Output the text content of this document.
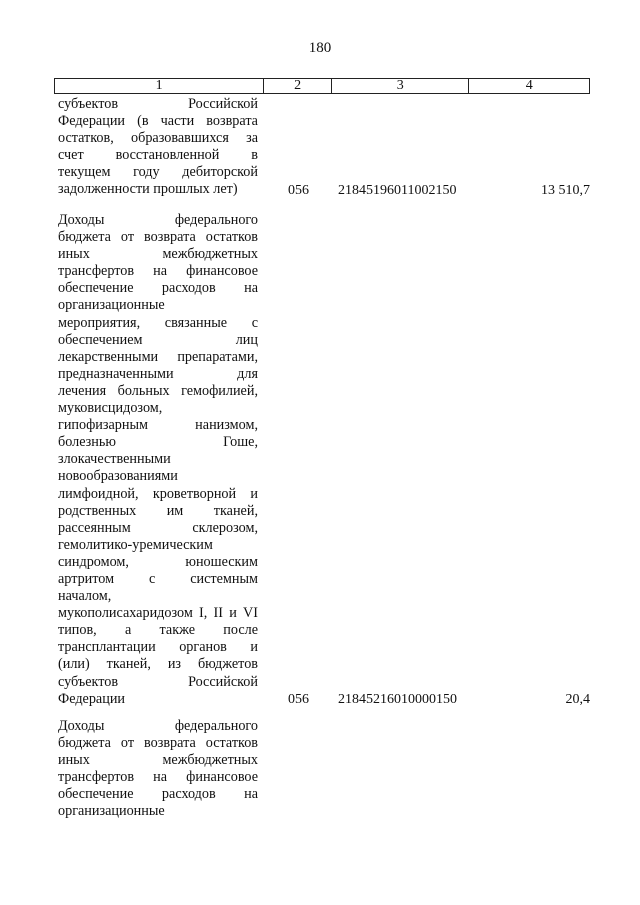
180
1	2	3	4
субъектов Российской
Федерации (в части возврата
остатков, образовавшихся за
счет восстановленной в
текущем году дебиторской
задолженности прошлых лет)	056 21845196011002150	13 510,7
Доходы федерального
бюджета от возврата остатков
иных межбюджетных
трансфертов на финансовое
обеспечение расходов на
организационные
мероприятия, связанные с
обеспечением лиц
лекарственными препаратами,
предназначенными для
лечения больных гемофилией,
муковисцидозом,
гипофизарным нанизмом,
болезнью Гоше,
злокачественными
новообразованиями
лимфоидной, кроветворной и
родственных им тканей,
рассеянным склерозом,
гемолитико-уремическим
синдромом, юношеским
артритом с системным
началом,
мукополисахаридозом I, II и VI
типов, а также после
трансплантации органов и
(или) тканей, из бюджетов
субъектов Российской
Федерации	056 21845216010000150	20,4
Доходы федерального
бюджета от возврата остатков
иных межбюджетных
трансфертов на финансовое
обеспечение расходов на
организационные
